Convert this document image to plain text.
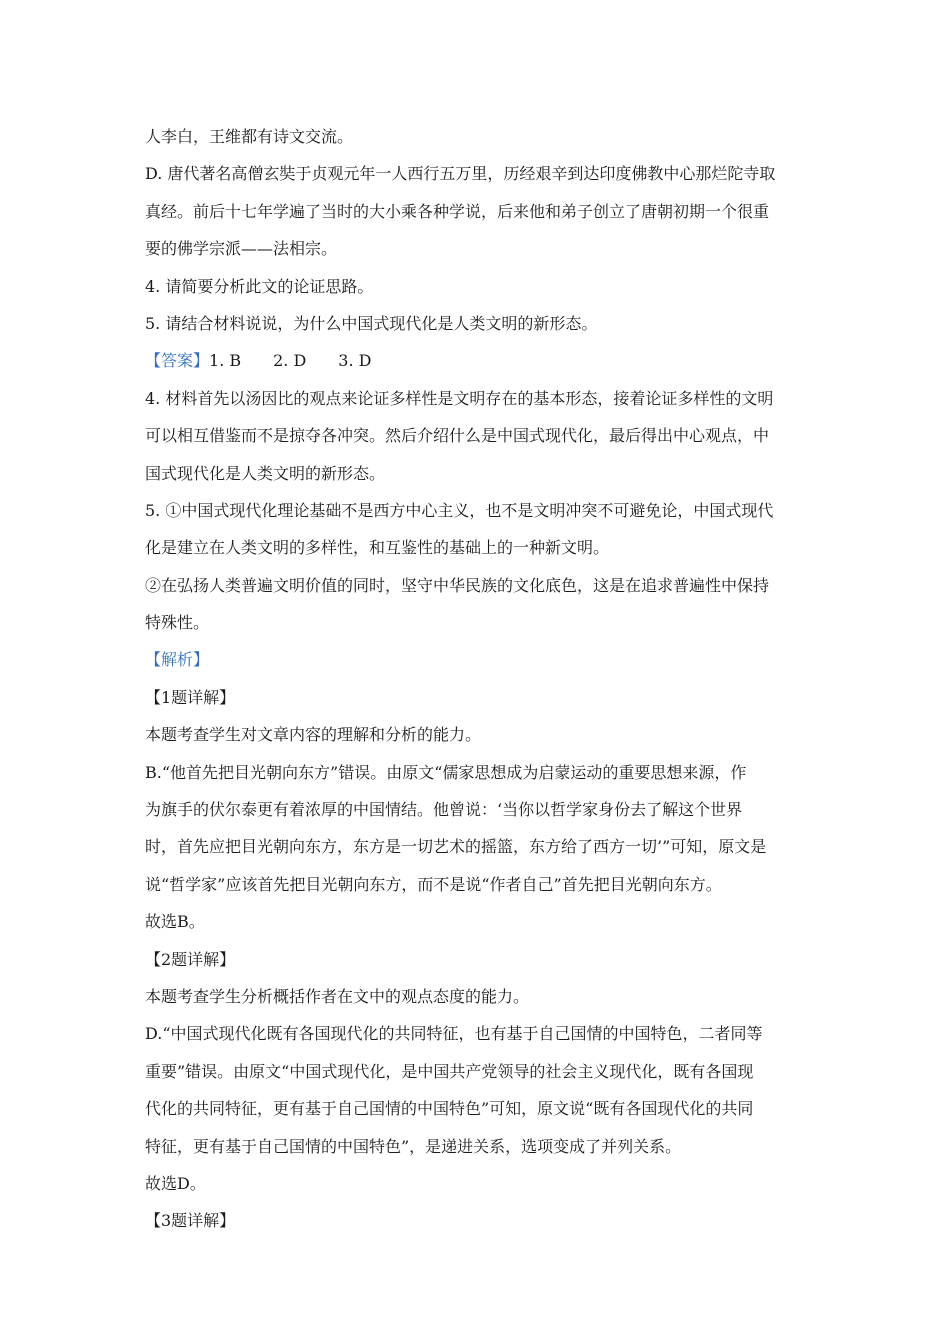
人李白，王维都有诗文交流。
D. 唐代著名高僧玄奘于贞观元年一人西行五万里，历经艰辛到达印度佛教中心那烂陀寺取
真经。前后十七年学遍了当时的大小乘各种学说，后来他和弟子创立了唐朝初期一个很重
要的佛学宗派——法相宗。
4. 请简要分析此文的论证思路。
5. 请结合材料说说，为什么中国式现代化是人类文明的新形态。
【答案】1. B　　2. D　　3. D
4. 材料首先以汤因比的观点来论证多样性是文明存在的基本形态，接着论证多样性的文明
可以相互借鉴而不是掠夺各冲突。然后介绍什么是中国式现代化，最后得出中心观点，中
国式现代化是人类文明的新形态。
5. ①中国式现代化理论基础不是西方中心主义，也不是文明冲突不可避免论，中国式现代
化是建立在人类文明的多样性，和互鉴性的基础上的一种新文明。
②在弘扬人类普遍文明价值的同时，坚守中华民族的文化底色，这是在追求普遍性中保持
特殊性。
【解析】
【1题详解】
本题考查学生对文章内容的理解和分析的能力。
B.“他首先把目光朝向东方”错误。由原文“儒家思想成为启蒙运动的重要思想来源，作
为旗手的伏尔泰更有着浓厚的中国情结。他曾说：‘当你以哲学家身份去了解这个世界
时，首先应把目光朝向东方，东方是一切艺术的摇篮，东方给了西方一切’”可知，原文是
说“哲学家”应该首先把目光朝向东方，而不是说“作者自己”首先把目光朝向东方。
故选B。
【2题详解】
本题考查学生分析概括作者在文中的观点态度的能力。
D.“中国式现代化既有各国现代化的共同特征，也有基于自己国情的中国特色，二者同等
重要”错误。由原文“中国式现代化，是中国共产党领导的社会主义现代化，既有各国现
代化的共同特征，更有基于自己国情的中国特色”可知，原文说“既有各国现代化的共同
特征，更有基于自己国情的中国特色”，是递进关系，选项变成了并列关系。
故选D。
【3题详解】
